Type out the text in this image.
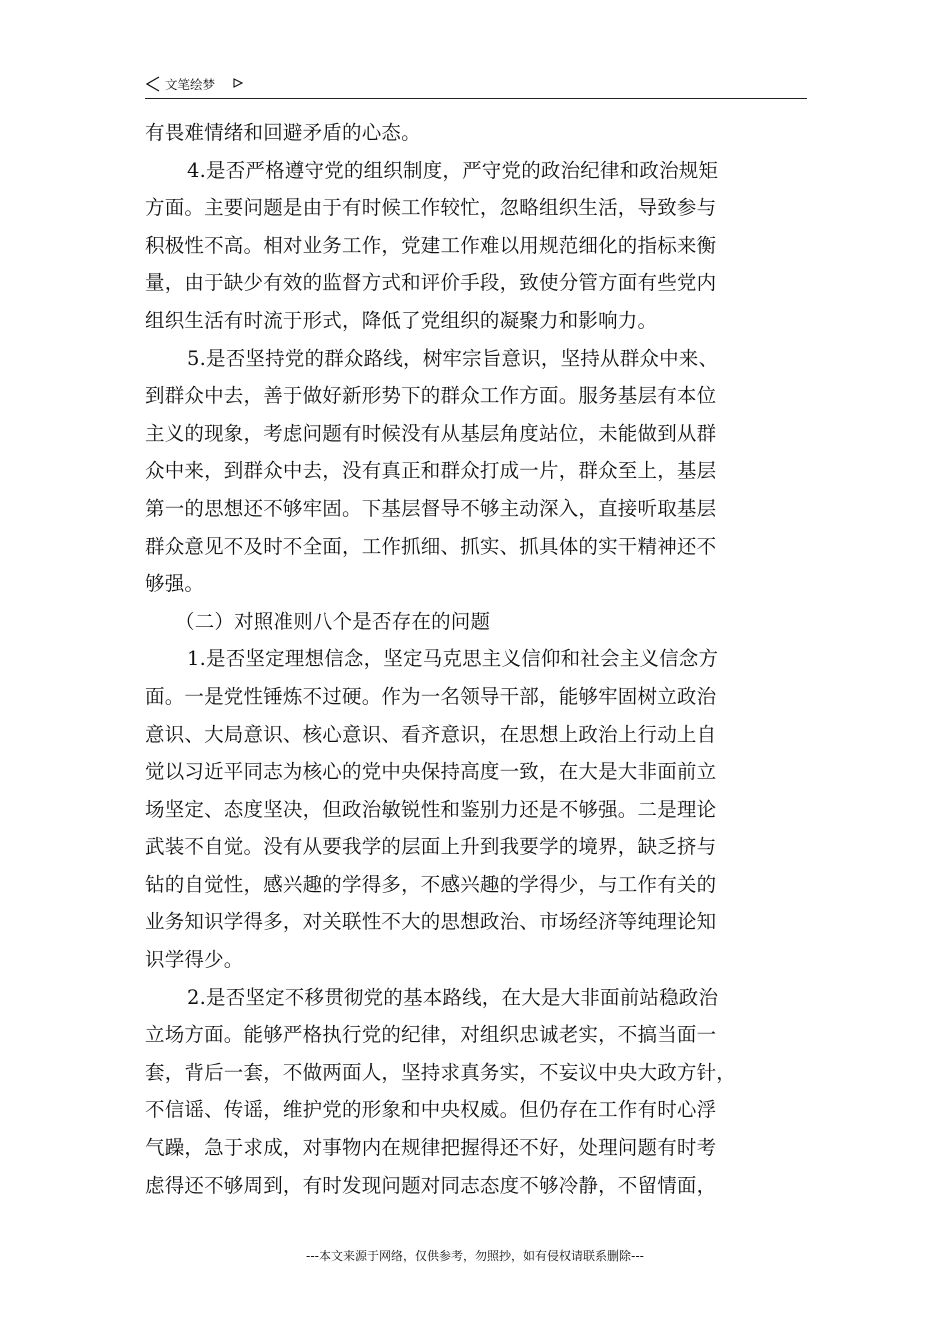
文笔绘梦
有畏难情绪和回避矛盾的心态。
4.是否严格遵守党的组织制度，严守党的政治纪律和政治规矩
方面。主要问题是由于有时候工作较忙，忽略组织生活，导致参与
积极性不高。相对业务工作，党建工作难以用规范细化的指标来衡
量，由于缺少有效的监督方式和评价手段，致使分管方面有些党内
组织生活有时流于形式，降低了党组织的凝聚力和影响力。
5.是否坚持党的群众路线，树牢宗旨意识，坚持从群众中来、
到群众中去，善于做好新形势下的群众工作方面。服务基层有本位
主义的现象，考虑问题有时候没有从基层角度站位，未能做到从群
众中来，到群众中去，没有真正和群众打成一片，群众至上，基层
第一的思想还不够牢固。下基层督导不够主动深入，直接听取基层
群众意见不及时不全面，工作抓细、抓实、抓具体的实干精神还不
够强。
（二）对照准则八个是否存在的问题
1.是否坚定理想信念，坚定马克思主义信仰和社会主义信念方
面。一是党性锤炼不过硬。作为一名领导干部，能够牢固树立政治
意识、大局意识、核心意识、看齐意识，在思想上政治上行动上自
觉以习近平同志为核心的党中央保持高度一致，在大是大非面前立
场坚定、态度坚决，但政治敏锐性和鉴别力还是不够强。二是理论
武装不自觉。没有从要我学的层面上升到我要学的境界，缺乏挤与
钻的自觉性，感兴趣的学得多，不感兴趣的学得少，与工作有关的
业务知识学得多，对关联性不大的思想政治、市场经济等纯理论知
识学得少。
2.是否坚定不移贯彻党的基本路线，在大是大非面前站稳政治
立场方面。能够严格执行党的纪律，对组织忠诚老实，不搞当面一
套，背后一套，不做两面人，坚持求真务实，不妄议中央大政方针，
不信谣、传谣，维护党的形象和中央权威。但仍存在工作有时心浮
气躁，急于求成，对事物内在规律把握得还不好，处理问题有时考
虑得还不够周到，有时发现问题对同志态度不够冷静，不留情面，
---本文来源于网络，仅供参考，勿照抄，如有侵权请联系删除---
